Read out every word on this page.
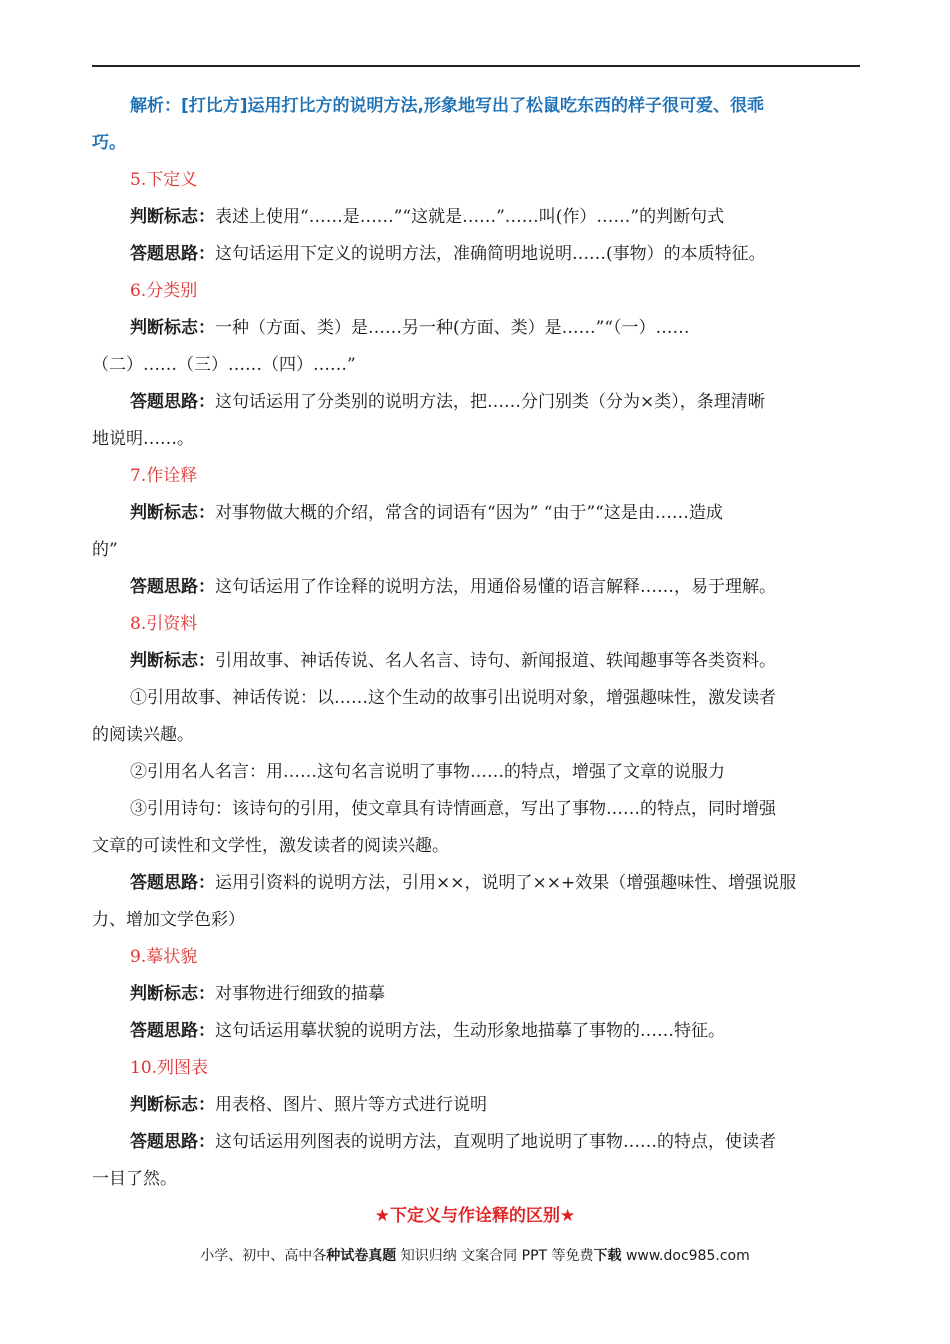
解析：[打比方]运用打比方的说明方法,形象地写出了松鼠吃东西的样子很可爱、很乖
巧。
5.下定义
判断标志：表述上使用“……是……”“这就是……”……叫(作）……”的判断句式
答题思路：这句话运用下定义的说明方法，准确简明地说明……(事物）的本质特征。
6.分类别
判断标志：一种（方面、类）是……另一种(方面、类）是……”“（一）……
（二）……（三）……（四）……”
答题思路：这句话运用了分类别的说明方法，把……分门别类（分为×类），条理清晰
地说明……。
7.作诠释
判断标志：对事物做大概的介绍，常含的词语有“因为” “由于”“这是由……造成
的”
答题思路：这句话运用了作诠释的说明方法，用通俗易懂的语言解释……，易于理解。
8.引资料
判断标志：引用故事、神话传说、名人名言、诗句、新闻报道、轶闻趣事等各类资料。
①引用故事、神话传说：以……这个生动的故事引出说明对象，增强趣味性，激发读者
的阅读兴趣。
②引用名人名言：用……这句名言说明了事物……的特点，增强了文章的说服力
③引用诗句：该诗句的引用，使文章具有诗情画意，写出了事物……的特点，同时增强
文章的可读性和文学性，激发读者的阅读兴趣。
答题思路：运用引资料的说明方法，引用××，说明了××+效果（增强趣味性、增强说服
力、增加文学色彩）
9.摹状貌
判断标志：对事物进行细致的描摹
答题思路：这句话运用摹状貌的说明方法，生动形象地描摹了事物的……特征。
10.列图表
判断标志：用表格、图片、照片等方式进行说明
答题思路：这句话运用列图表的说明方法，直观明了地说明了事物……的特点，使读者
一目了然。
★下定义与作诠释的区别★
小学、初中、高中各种试卷真题 知识归纳 文案合同 PPT 等免费下载 www.doc985.com
